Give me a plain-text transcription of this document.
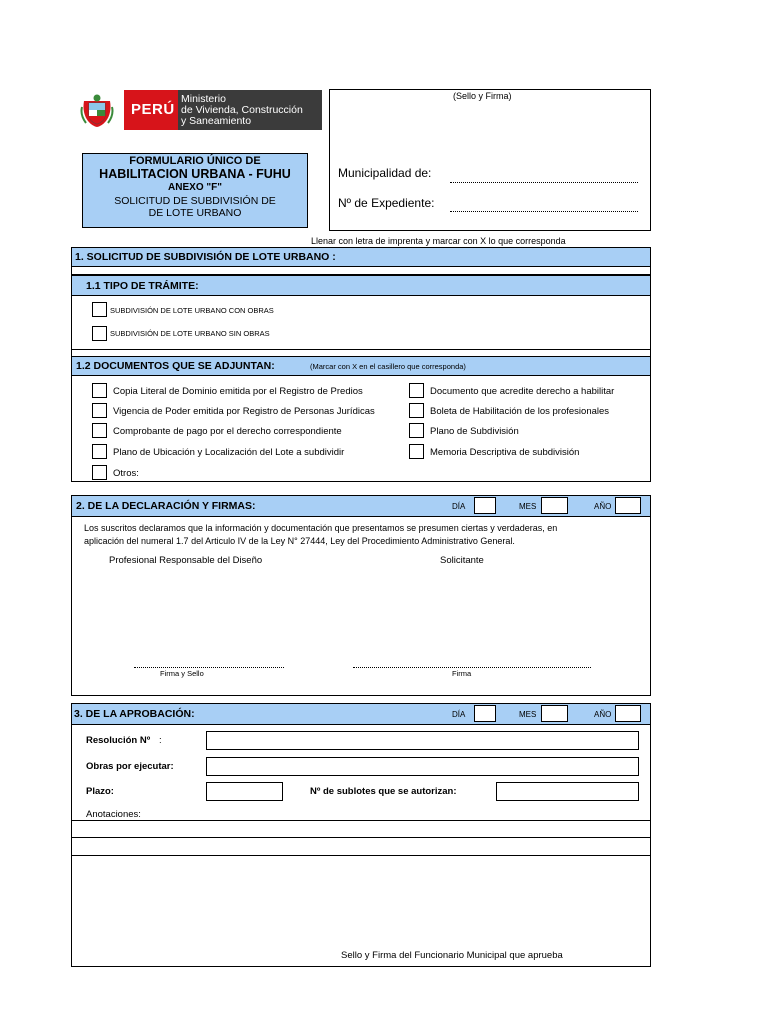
PERÚ
Ministerio
de Vivienda, Construcción
y Saneamiento
FORMULARIO ÚNICO DE
HABILITACION URBANA - FUHU
ANEXO "F"
SOLICITUD DE SUBDIVISIÓN DE
DE LOTE URBANO
(Sello y Firma)
Municipalidad de:
Nº de Expediente:
Llenar con letra de imprenta y marcar con X lo que corresponda
1. SOLICITUD DE SUBDIVISIÓN DE LOTE URBANO :
1.1 TIPO DE TRÁMITE:
SUBDIVISIÓN DE LOTE URBANO CON OBRAS
SUBDIVISIÓN DE LOTE URBANO SIN OBRAS
1.2 DOCUMENTOS QUE SE ADJUNTAN:	(Marcar con X en el casillero que corresponda)
Copia Literal de Dominio emitida por el Registro de Predios
Vigencia de Poder emitida por Registro de Personas Jurídicas
Comprobante de pago por el derecho correspondiente
Plano de Ubicación y Localización del Lote a subdividir
Otros:
Documento que acredite derecho a habilitar
Boleta de Habilitación de los profesionales
Plano de Subdivisión
Memoria Descriptiva de subdivisión
2. DE LA DECLARACIÓN Y FIRMAS:	DÍA	MES	AÑO
Los suscritos declaramos que la información y documentación que presentamos se presumen ciertas y verdaderas, en
aplicación del numeral 1.7 del Articulo IV de la Ley N° 27444, Ley del Procedimiento Administrativo General.
Profesional Responsable del Diseño	Solicitante
Firma y Sello	Firma
3. DE LA APROBACIÓN:	DÍA	MES	AÑO
Resolución Nº :
Obras por ejecutar:
Plazo:	Nº de sublotes que se autorizan:
Anotaciones:
Sello y Firma del Funcionario Municipal que aprueba
